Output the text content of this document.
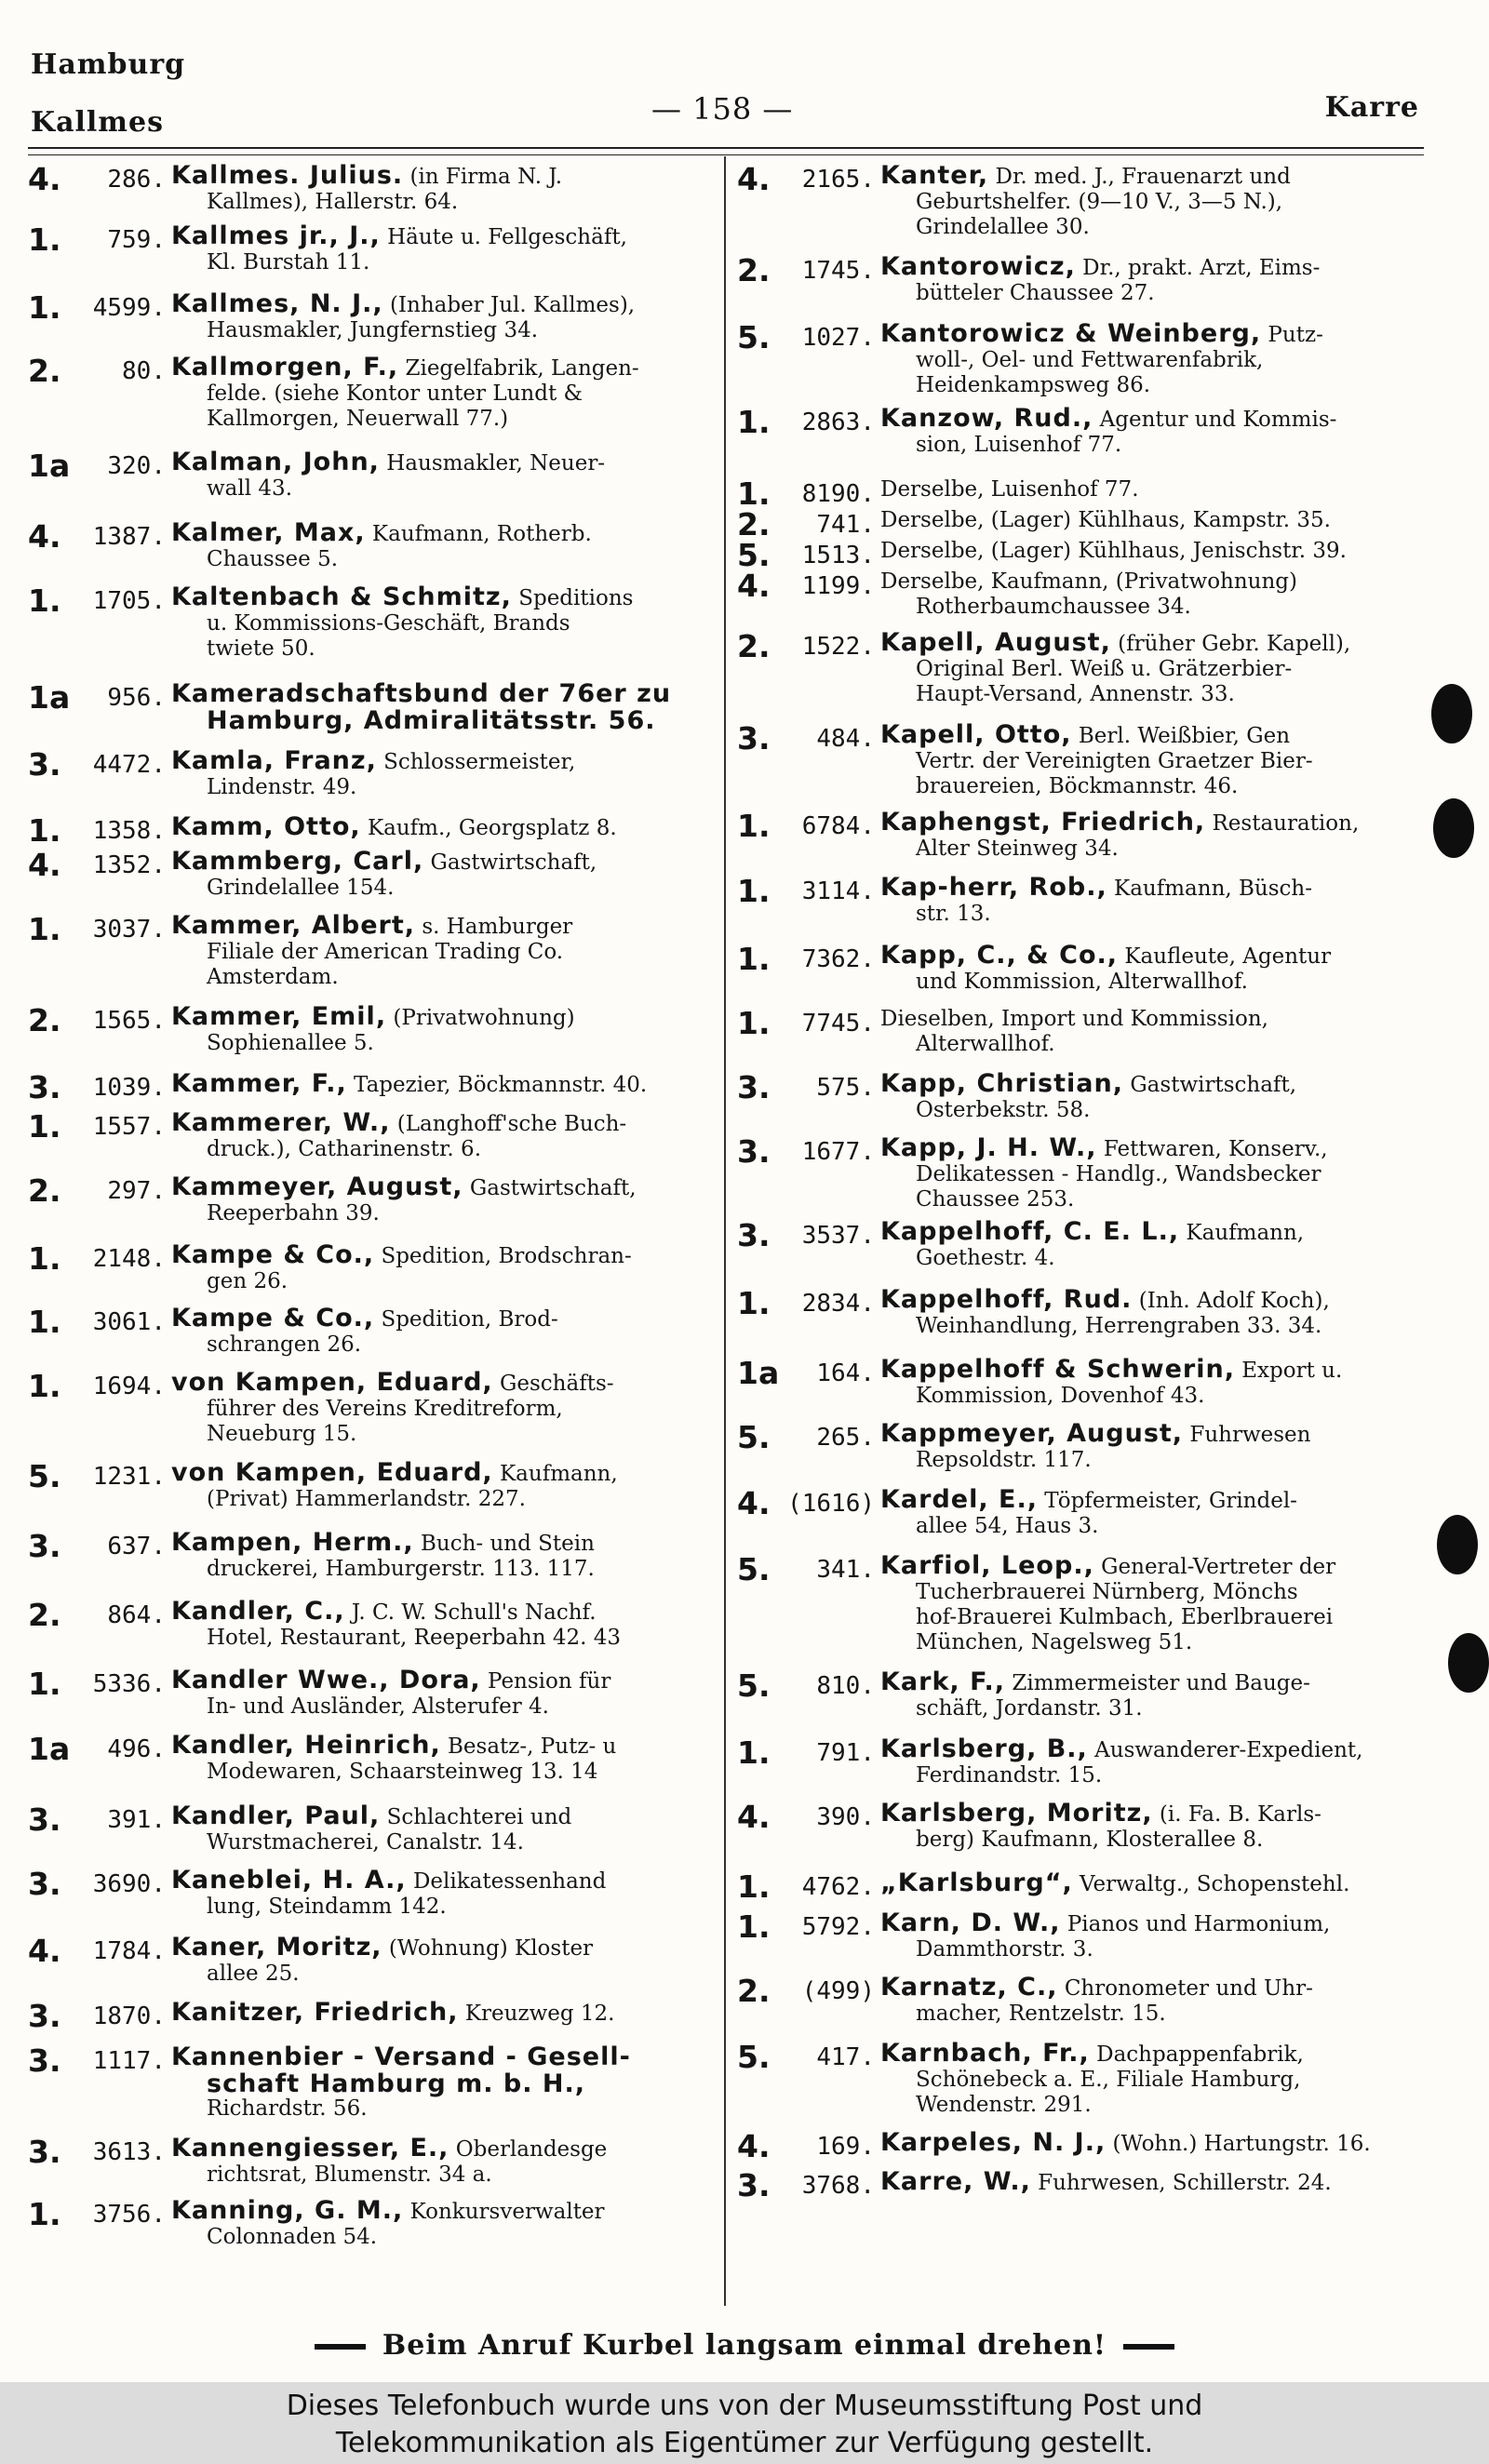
Hamburg
Kallmes	— 158 —	Karre
4. 286. Kallmes. Julius. (in Firma N. J.
Kallmes), Hallerstr. 64.
1. 759. Kallmes jr., J., Häute u. Fellgeschäft,
Kl. Burstah 11.
1. 4599. Kallmes, N. J., (Inhaber Jul. Kallmes),
Hausmakler, Jungfernstieg 34.
2.	80. Kallmorgen, F., Ziegelfabrik, Langen-
felde. (siehe Kontor unter Lundt &
Kallmorgen, Neuerwall 77.)
1a 320. Kalman, John, Hausmakler, Neuer-
wall 43.
4. 1387. Kalmer, Max, Kaufmann, Rotherb.
Chaussee 5.
1. 1705. Kaltenbach & Schmitz, Speditions
u. Kommissions-Geschäft, Brands
twiete 50.
1a 956. Kameradschaftsbund der 76er zu
Hamburg, Admiralitätsstr. 56.
3. 4472. Kamla, Franz, Schlossermeister,
Lindenstr. 49.
1. 1358. Kamm, Otto, Kaufm., Georgsplatz 8.
4. 1352. Kammberg, Carl, Gastwirtschaft,
Grindelallee 154.
1. 3037. Kammer, Albert, s. Hamburger
Filiale der American Trading Co.
Amsterdam.
2. 1565. Kammer, Emil, (Privatwohnung)
Sophienallee 5.
3. 1039. Kammer, F., Tapezier, Böckmannstr. 40.
1. 1557. Kammerer, W., (Langhoff'sche Buch-
druck.), Catharinenstr. 6.
2. 297. Kammeyer, August, Gastwirtschaft,
Reeperbahn 39.
1. 2148. Kampe & Co., Spedition, Brodschran-
gen 26.
1. 3061. Kampe & Co., Spedition, Brod-
schrangen 26.
1. 1694. von Kampen, Eduard, Geschäfts-
führer des Vereins Kreditreform,
Neueburg 15.
5. 1231. von Kampen, Eduard, Kaufmann,
(Privat) Hammerlandstr. 227.
3. 637. Kampen, Herm., Buch- und Stein
druckerei, Hamburgerstr. 113. 117.
2. 864. Kandler, C., J. C. W. Schull's Nachf.
Hotel, Restaurant, Reeperbahn 42. 43
1. 5336. Kandler Wwe., Dora, Pension für
In- und Ausländer, Alsterufer 4.
1a 496. Kandler, Heinrich, Besatz-, Putz- u
Modewaren, Schaarsteinweg 13. 14
3. 391. Kandler, Paul, Schlachterei und
Wurstmacherei, Canalstr. 14.
3. 3690. Kaneblei, H. A., Delikatessenhand
lung, Steindamm 142.
4. 1784. Kaner, Moritz, (Wohnung) Kloster
allee 25.
3. 1870. Kanitzer, Friedrich, Kreuzweg 12.
3. 1117. Kannenbier - Versand - Gesell-
schaft Hamburg m. b. H.,
Richardstr. 56.
3. 3613. Kannengiesser, E., Oberlandesge
richtsrat, Blumenstr. 34 a.
1. 3756. Kanning, G. M., Konkursverwalter
Colonnaden 54.
4. 2165. Kanter, Dr. med. J., Frauenarzt und
Geburtshelfer. (9—10 V., 3—5 N.),
Grindelallee 30.
2. 1745. Kantorowicz, Dr., prakt. Arzt, Eims-
bütteler Chaussee 27.
5. 1027. Kantorowicz & Weinberg, Putz-
woll-, Oel- und Fettwarenfabrik,
Heidenkampsweg 86.
1. 2863. Kanzow, Rud., Agentur und Kommis-
sion, Luisenhof 77.
1. 8190. Derselbe, Luisenhof 77.
2. 741. Derselbe, (Lager) Kühlhaus, Kampstr. 35.
5. 1513. Derselbe, (Lager) Kühlhaus, Jenischstr. 39.
4. 1199. Derselbe, Kaufmann, (Privatwohnung)
Rotherbaumchaussee 34.
2. 1522. Kapell, August, (früher Gebr. Kapell),
Original Berl. Weiß u. Grätzerbier-
Haupt-Versand, Annenstr. 33.
3. 484. Kapell, Otto, Berl. Weißbier, Gen
Vertr. der Vereinigten Graetzer Bier-
brauereien, Böckmannstr. 46.
1. 6784. Kaphengst, Friedrich, Restauration,
Alter Steinweg 34.
1. 3114. Kap-herr, Rob., Kaufmann, Büsch-
str. 13.
1. 7362. Kapp, C., & Co., Kaufleute, Agentur
und Kommission, Alterwallhof.
1. 7745. Dieselben, Import und Kommission,
Alterwallhof.
3. 575. Kapp, Christian, Gastwirtschaft,
Osterbekstr. 58.
3. 1677. Kapp, J. H. W., Fettwaren, Konserv.,
Delikatessen - Handlg., Wandsbecker
Chaussee 253.
3. 3537. Kappelhoff, C. E. L., Kaufmann,
Goethestr. 4.
1. 2834. Kappelhoff, Rud. (Inh. Adolf Koch),
Weinhandlung, Herrengraben 33. 34.
1a 164. Kappelhoff & Schwerin, Export u.
Kommission, Dovenhof 43.
5. 265. Kappmeyer, August, Fuhrwesen
Repsoldstr. 117.
4. (1616) Kardel, E., Töpfermeister, Grindel-
allee 54, Haus 3.
5. 341. Karfiol, Leop., General-Vertreter der
Tucherbrauerei Nürnberg, Mönchs
hof-Brauerei Kulmbach, Eberlbrauerei
München, Nagelsweg 51.
5. 810. Kark, F., Zimmermeister und Bauge-
schäft, Jordanstr. 31.
1. 791. Karlsberg, B., Auswanderer-Expedient,
Ferdinandstr. 15.
4. 390. Karlsberg, Moritz, (i. Fa. B. Karls-
berg) Kaufmann, Klosterallee 8.
1. 4762. „Karlsburg“, Verwaltg., Schopenstehl.
1. 5792. Karn, D. W., Pianos und Harmonium,
Dammthorstr. 3.
2. (499) Karnatz, C., Chronometer und Uhr-
macher, Rentzelstr. 15.
5. 417. Karnbach, Fr., Dachpappenfabrik,
Schönebeck a. E., Filiale Hamburg,
Wendenstr. 291.
4. 169. Karpeles, N. J., (Wohn.) Hartungstr. 16.
3. 3768. Karre, W., Fuhrwesen, Schillerstr. 24.
Beim Anruf Kurbel langsam einmal drehen!
Dieses Telefonbuch wurde uns von der Museumsstiftung Post und
Telekommunikation als Eigentümer zur Verfügung gestellt.
